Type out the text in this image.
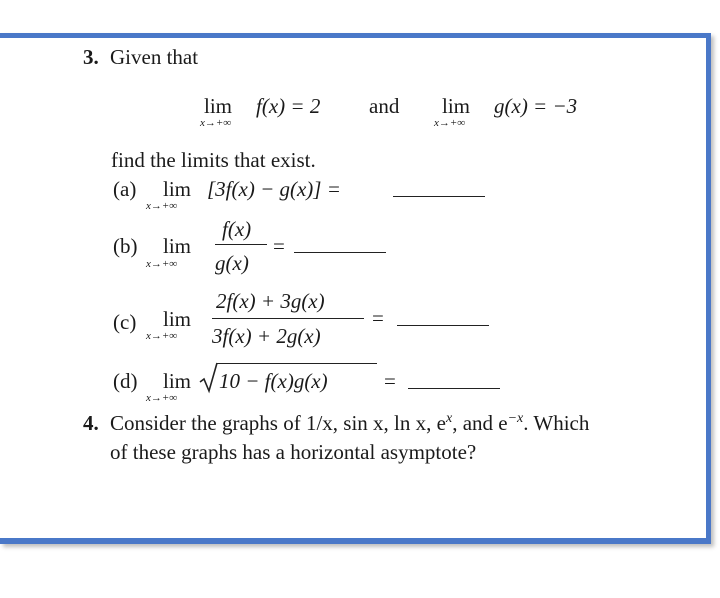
3. Given that
lim
x→+∞
f(x) = 2 and lim
x→+∞
g(x) = −3
find the limits that exist.
(a) lim
x→+∞
[3f(x) − g(x)] =
(b) lim
x→+∞
f(x)
g(x)
=
(c) lim
x→+∞
2f(x) + 3g(x)
3f(x) + 2g(x)
=
(d) lim
x→+∞
10 − f(x)g(x)	=
4. Consider the graphs of 1/x, sin x, ln x, $e^x$, and $e^{-x}$. Which
of these graphs has a horizontal asymptote?
